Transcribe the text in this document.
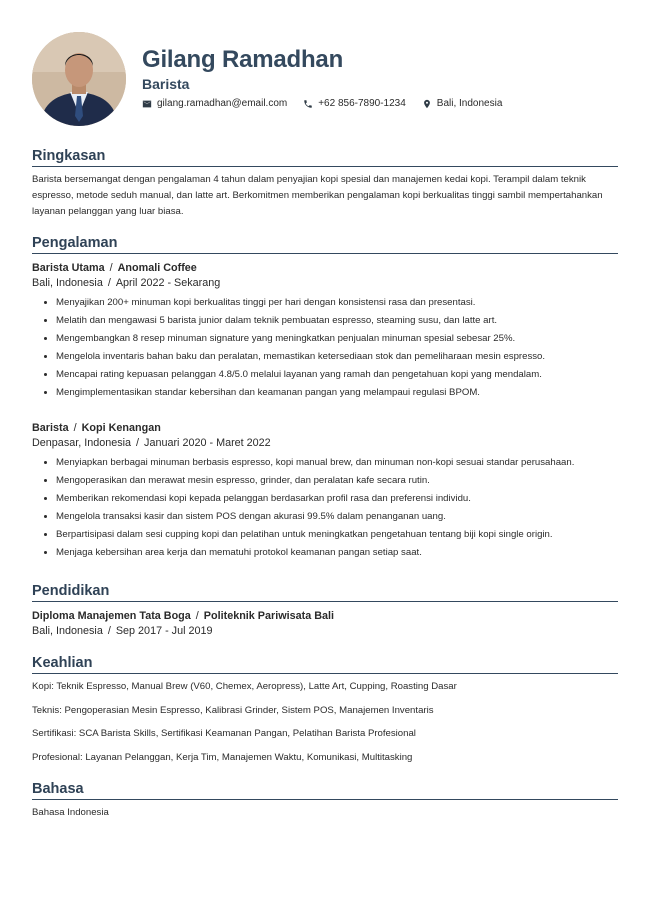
Gilang Ramadhan
Barista
gilang.ramadhan@email.com	+62 856-7890-1234	Bali, Indonesia
Ringkasan
Barista bersemangat dengan pengalaman 4 tahun dalam penyajian kopi spesial dan manajemen kedai kopi. Terampil dalam teknik espresso, metode seduh manual, dan latte art. Berkomitmen memberikan pengalaman kopi berkualitas tinggi sambil mempertahankan layanan pelanggan yang luar biasa.
Pengalaman
Barista Utama / Anomali Coffee
Bali, Indonesia / April 2022 - Sekarang
• Menyajikan 200+ minuman kopi berkualitas tinggi per hari dengan konsistensi rasa dan presentasi.
• Melatih dan mengawasi 5 barista junior dalam teknik pembuatan espresso, steaming susu, dan latte art.
• Mengembangkan 8 resep minuman signature yang meningkatkan penjualan minuman spesial sebesar 25%.
• Mengelola inventaris bahan baku dan peralatan, memastikan ketersediaan stok dan pemeliharaan mesin espresso.
• Mencapai rating kepuasan pelanggan 4.8/5.0 melalui layanan yang ramah dan pengetahuan kopi yang mendalam.
• Mengimplementasikan standar kebersihan dan keamanan pangan yang melampaui regulasi BPOM.
Barista / Kopi Kenangan
Denpasar, Indonesia / Januari 2020 - Maret 2022
• Menyiapkan berbagai minuman berbasis espresso, kopi manual brew, dan minuman non-kopi sesuai standar perusahaan.
• Mengoperasikan dan merawat mesin espresso, grinder, dan peralatan kafe secara rutin.
• Memberikan rekomendasi kopi kepada pelanggan berdasarkan profil rasa dan preferensi individu.
• Mengelola transaksi kasir dan sistem POS dengan akurasi 99.5% dalam penanganan uang.
• Berpartisipasi dalam sesi cupping kopi dan pelatihan untuk meningkatkan pengetahuan tentang biji kopi single origin.
• Menjaga kebersihan area kerja dan mematuhi protokol keamanan pangan setiap saat.
Pendidikan
Diploma Manajemen Tata Boga / Politeknik Pariwisata Bali
Bali, Indonesia / Sep 2017 - Jul 2019
Keahlian
Kopi: Teknik Espresso, Manual Brew (V60, Chemex, Aeropress), Latte Art, Cupping, Roasting Dasar
Teknis: Pengoperasian Mesin Espresso, Kalibrasi Grinder, Sistem POS, Manajemen Inventaris
Sertifikasi: SCA Barista Skills, Sertifikasi Keamanan Pangan, Pelatihan Barista Profesional
Profesional: Layanan Pelanggan, Kerja Tim, Manajemen Waktu, Komunikasi, Multitasking
Bahasa
Bahasa Indonesia
